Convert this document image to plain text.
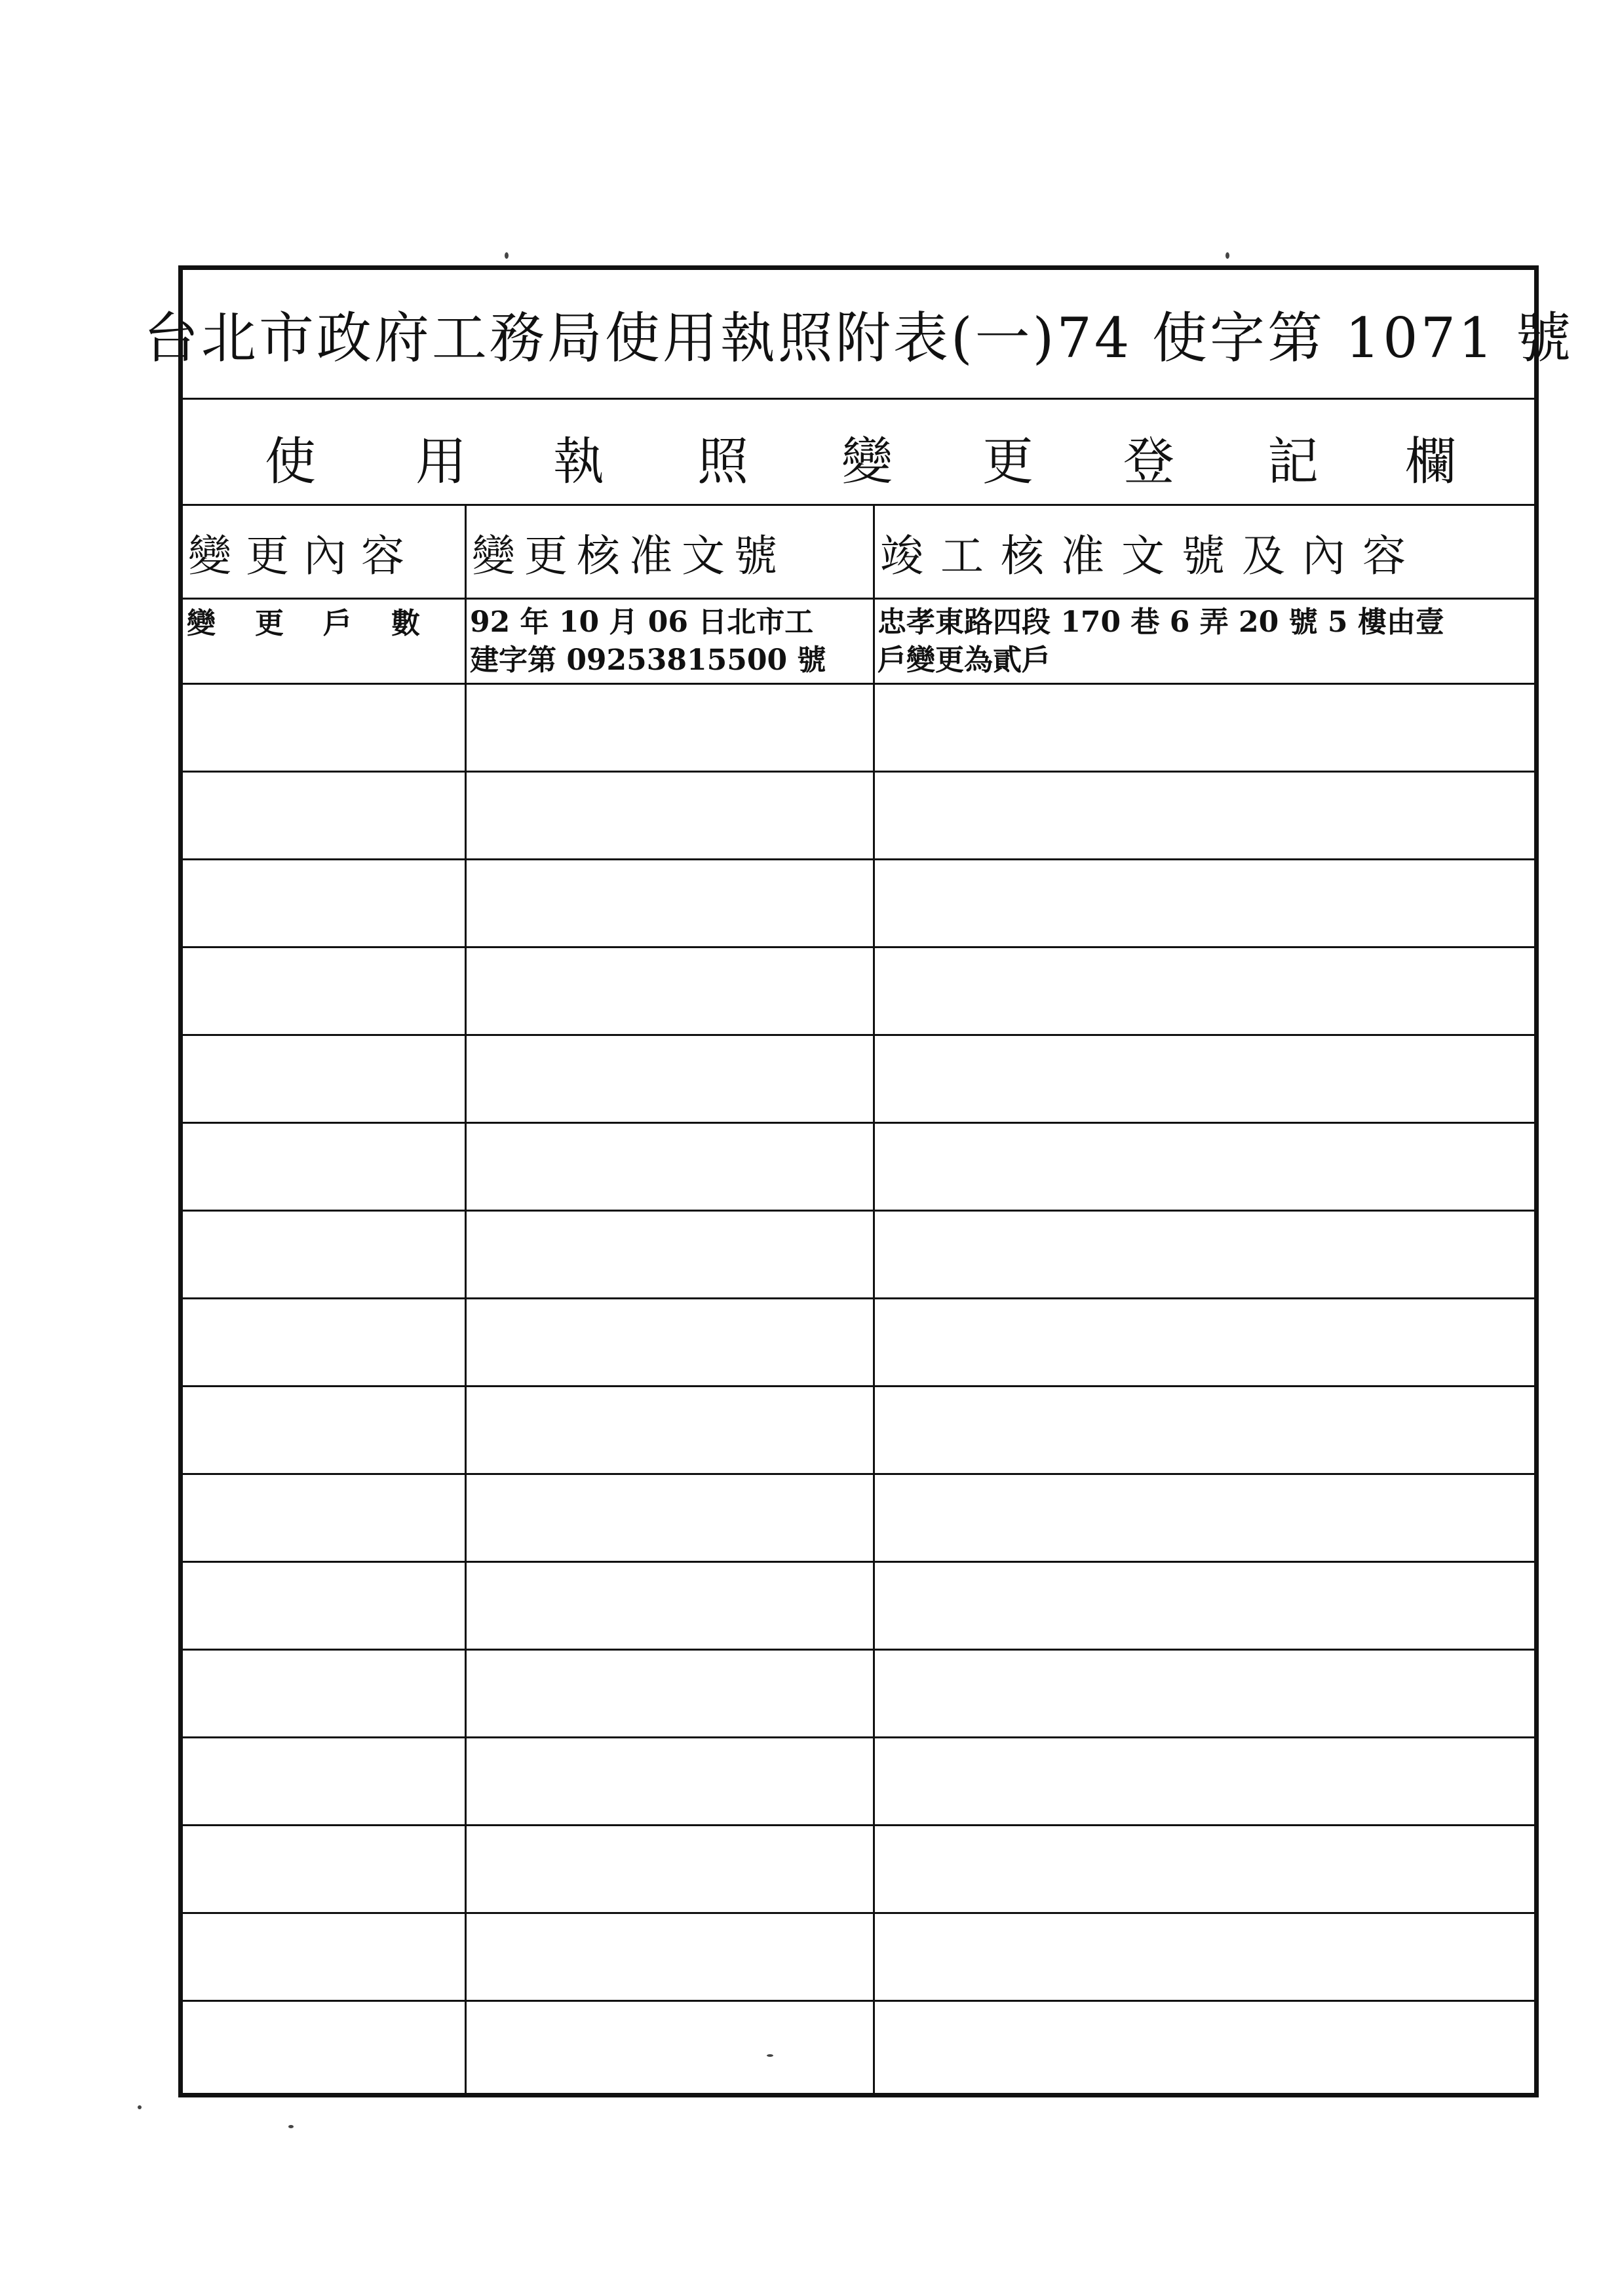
台北市政府工務局使用執照附表(一)74 使字第 1071 號
使 用 執 照 變 更 登 記 欄
變更內容	變更核准文號	竣工核准文號及內容
變更戶數 92 年 10 月 06 日北市工
建字第 09253815500 號
忠孝東路四段 170 巷 6 弄 20 號 5 樓由壹
戶變更為貳戶
